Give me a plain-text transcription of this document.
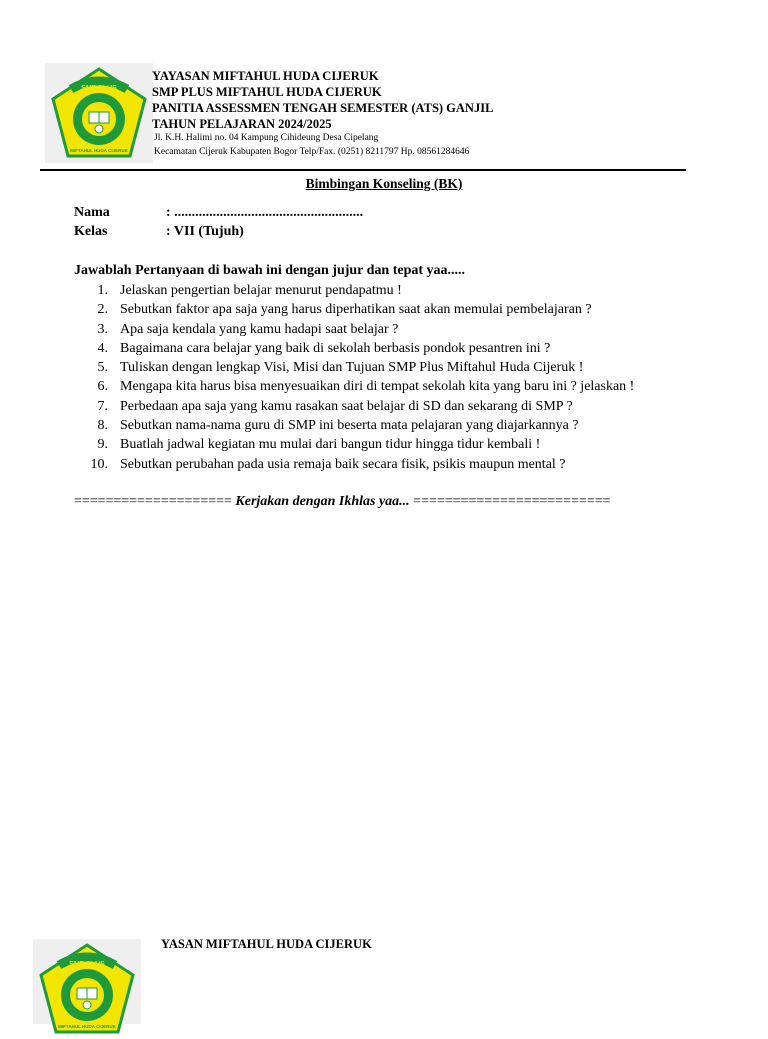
SMP PLUS
MIFTAHUL HUDA CIJERUK
YAYASAN MIFTAHUL HUDA CIJERUK
SMP PLUS MIFTAHUL HUDA CIJERUK
PANITIA ASSESSMEN TENGAH SEMESTER (ATS) GANJIL
TAHUN PELAJARAN 2024/2025
Jl. K.H. Halimi no. 04 Kampung Cihideung Desa Cipelang
Kecamatan Cijeruk Kabupaten Bogor Telp/Fax. (0251) 8211797 Hp. 08561284646
Bimbingan Konseling (BK)
Nama	: ......................................................
Kelas	: VII (Tujuh)
Jawablah Pertanyaan di bawah ini dengan jujur dan tepat yaa.....
1. Jelaskan pengertian belajar menurut pendapatmu !
2. Sebutkan faktor apa saja yang harus diperhatikan saat akan memulai pembelajaran ?
3. Apa saja kendala yang kamu hadapi saat belajar ?
4. Bagaimana cara belajar yang baik di sekolah berbasis pondok pesantren ini ?
5. Tuliskan dengan lengkap Visi, Misi dan Tujuan SMP Plus Miftahul Huda Cijeruk !
6. Mengapa kita harus bisa menyesuaikan diri di tempat sekolah kita yang baru ini ? jelaskan !
7. Perbedaan apa saja yang kamu rasakan saat belajar di SD dan sekarang di SMP ?
8. Sebutkan nama-nama guru di SMP ini beserta mata pelajaran yang diajarkannya ?
9. Buatlah jadwal kegiatan mu mulai dari bangun tidur hingga tidur kembali !
10. Sebutkan perubahan pada usia remaja baik secara fisik, psikis maupun mental ?
==================== Kerjakan dengan Ikhlas yaa... =========================
SMP PLUS
MIFTAHUL HUDA CIJERUK
YASAN MIFTAHUL HUDA CIJERUK
